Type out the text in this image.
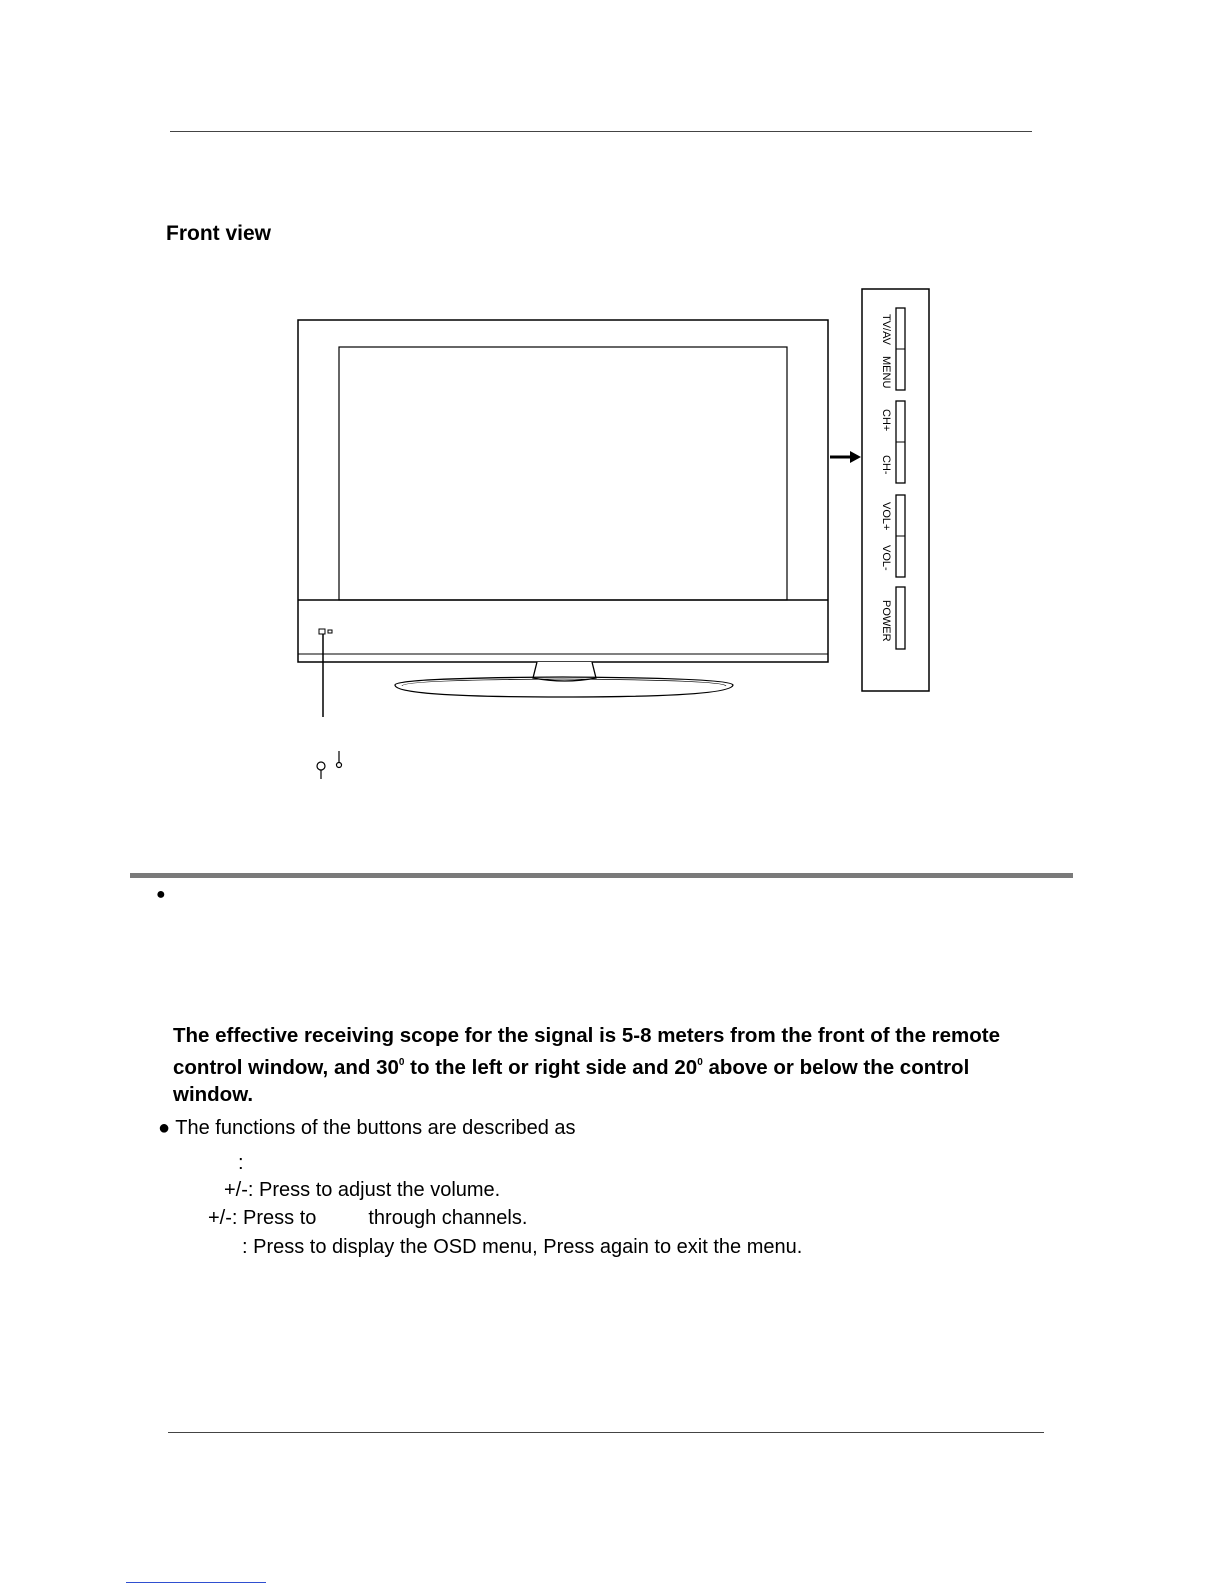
Front view
TV/AV
MENU
CH+
CH-
VOL+
VOL-
POWER
●
The effective receiving scope for the signal is 5-8 meters from the front of the remote
control window, and $30^0$ to the left or right side and $20^0$ above or below the control
window.
● The functions of the buttons are described as
:
+/-: Press to adjust the volume.
+/-: Press to	through channels.
: Press to display the OSD menu, Press again to exit the menu.
